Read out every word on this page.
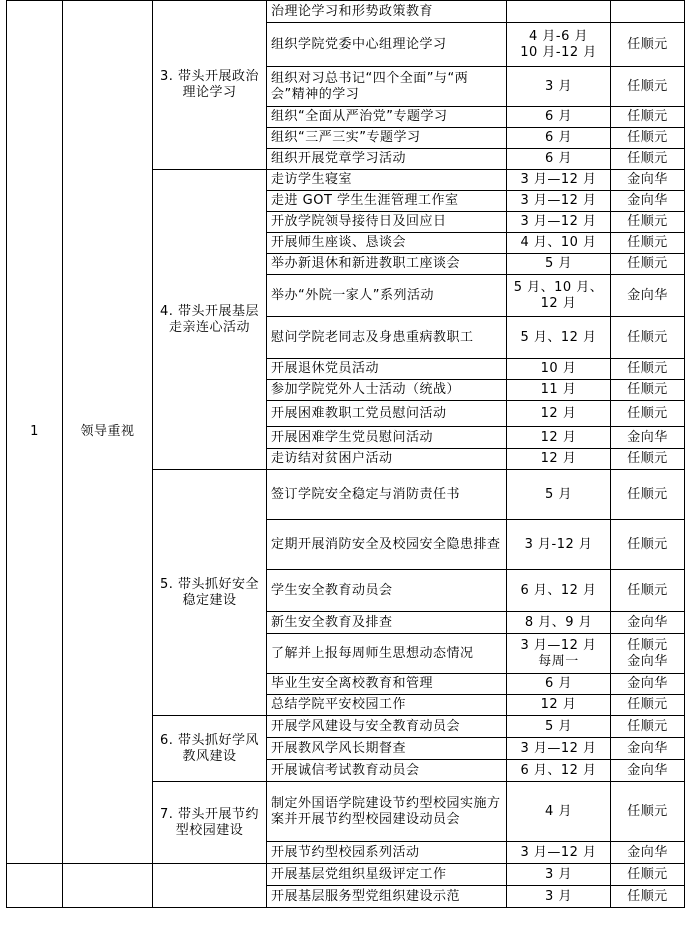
1	领导重视	3. 带头开展政治理论学习	治理论学习和形势政策教育		
			组织学院党委中心组理论学习	4 月-6 月
10 月-12 月	任顺元
			组织对习总书记“四个全面”与“两会”精神的学习	3 月	任顺元
			组织“全面从严治党”专题学习	6 月	任顺元
			组织“三严三实”专题学习	6 月	任顺元
			组织开展党章学习活动	6 月	任顺元
		4. 带头开展基层走亲连心活动	走访学生寝室	3 月—12 月	金向华
			走进 GOT 学生生涯管理工作室	3 月—12 月	金向华
			开放学院领导接待日及回应日	3 月—12 月	任顺元
			开展师生座谈、恳谈会	4 月、10 月	任顺元
			举办新退休和新进教职工座谈会	5 月	任顺元
			举办“外院一家人”系列活动	5 月、10 月、
12 月	金向华
			慰问学院老同志及身患重病教职工	5 月、12 月	任顺元
			开展退休党员活动	10 月	任顺元
			参加学院党外人士活动（统战）	11 月	任顺元
			开展困难教职工党员慰问活动	12 月	任顺元
			开展困难学生党员慰问活动	12 月	金向华
			走访结对贫困户活动	12 月	任顺元
		5. 带头抓好安全稳定建设	签订学院安全稳定与消防责任书	5 月	任顺元
			定期开展消防安全及校园安全隐患排查	3 月-12 月	任顺元
			学生安全教育动员会	6 月、12 月	任顺元
			新生安全教育及排查	8 月、9 月	金向华
			了解并上报每周师生思想动态情况	3 月—12 月
每周一	任顺元
金向华
			毕业生安全离校教育和管理	6 月	金向华
			总结学院平安校园工作	12 月	任顺元
		6. 带头抓好学风教风建设	开展学风建设与安全教育动员会	5 月	任顺元
			开展教风学风长期督查	3 月—12 月	金向华
			开展诚信考试教育动员会	6 月、12 月	金向华
		7. 带头开展节约型校园建设	制定外国语学院建设节约型校园实施方案并开展节约型校园建设动员会	4 月	任顺元
			开展节约型校园系列活动	3 月—12 月	金向华
			开展基层党组织星级评定工作	3 月	任顺元
			开展基层服务型党组织建设示范	3 月	任顺元
